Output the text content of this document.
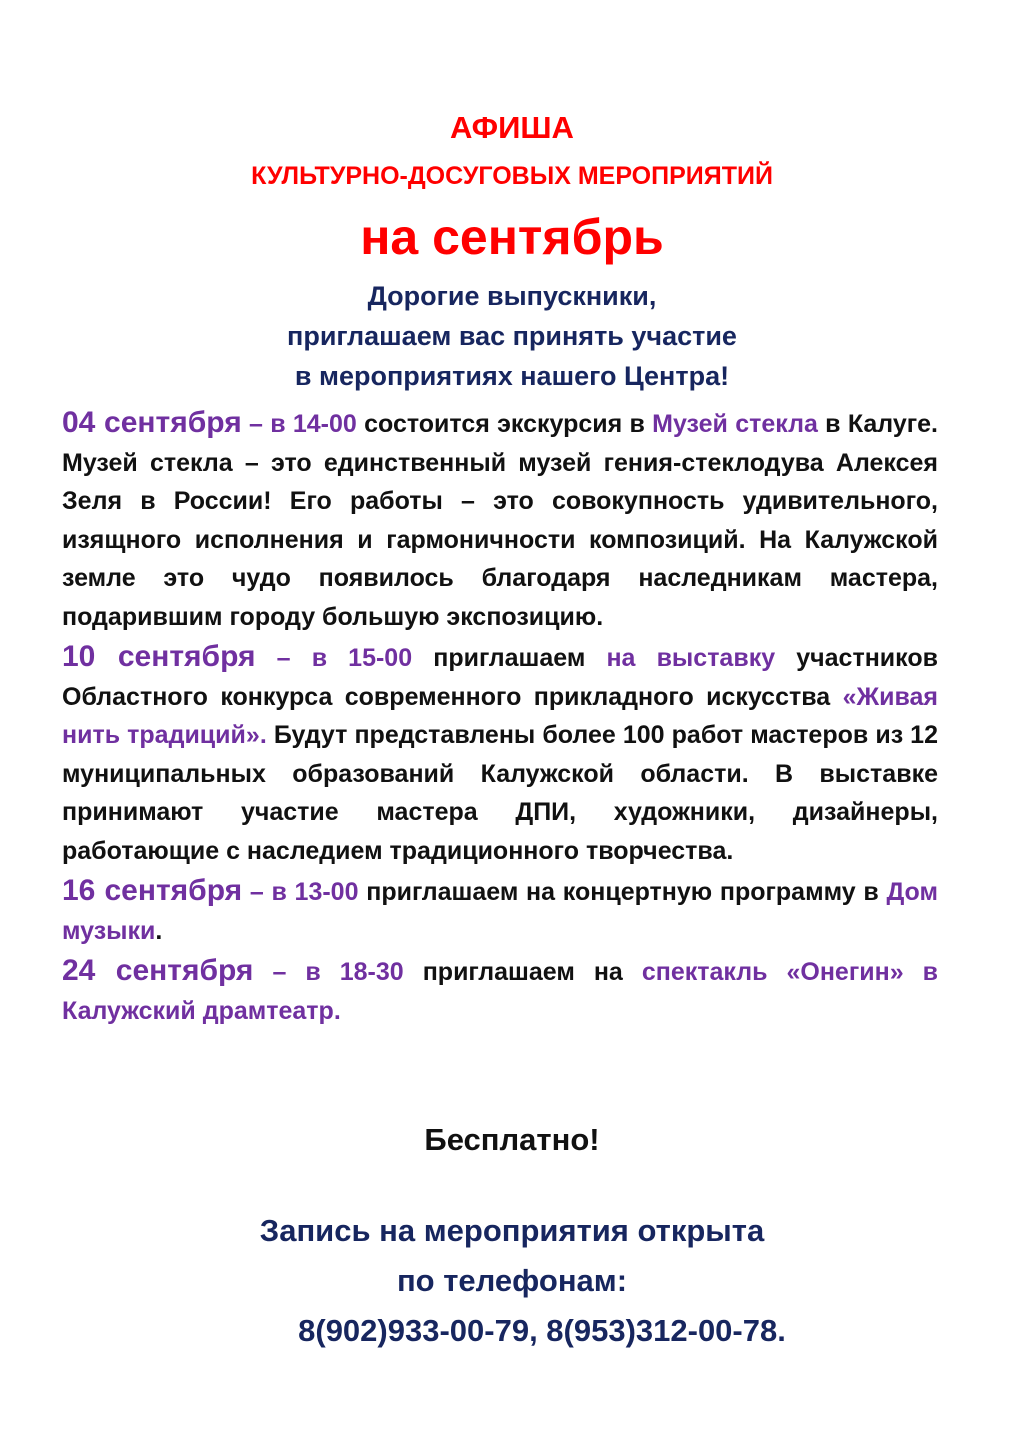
АФИША
КУЛЬТУРНО-ДОСУГОВЫХ МЕРОПРИЯТИЙ
на сентябрь
Дорогие выпускники,
приглашаем вас принять участие
в мероприятиях нашего Центра!

04 сентября – в 14-00 состоится экскурсия в Музей стекла в Калуге. Музей стекла – это единственный музей гения-стеклодува Алексея Зеля в России! Его работы – это совокупность удивительного, изящного исполнения и гармоничности композиций. На Калужской земле это чудо появилось благодаря наследникам мастера, подарившим городу большую экспозицию.

10 сентября – в 15-00 приглашаем на выставку участников Областного конкурса современного прикладного искусства «Живая нить традиций». Будут представлены более 100 работ мастеров из 12 муниципальных образований Калужской области. В выставке принимают участие мастера ДПИ, художники, дизайнеры, работающие с наследием традиционного творчества.

16 сентября – в 13-00 приглашаем на концертную программу в Дом музыки.

24 сентября – в 18-30 приглашаем на спектакль «Онегин» в Калужский драмтеатр.

Бесплатно!
Запись на мероприятия открыта
по телефонам:
8(902)933-00-79, 8(953)312-00-78.
